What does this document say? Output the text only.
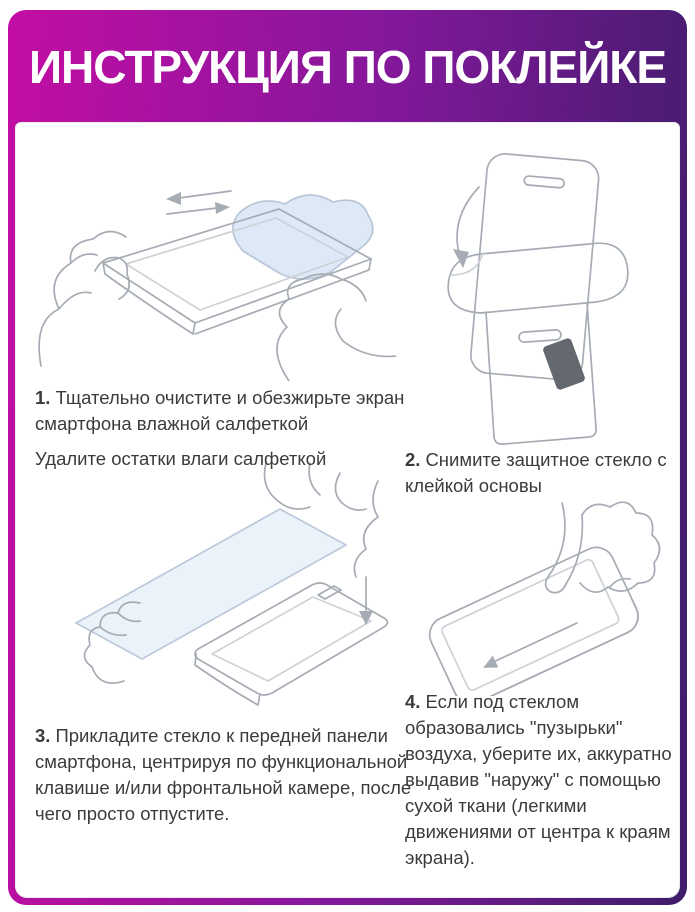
ИНСТРУКЦИЯ ПО ПОКЛЕЙКЕ

1. Тщательно очистите и обезжирьте экран смартфона влажной салфеткой

Удалите остатки влаги салфеткой	2. Снимите защитное стекло с клейкой основы

3. Прикладите стекло к передней панели смартфона, центрируя по функциональной клавише и/или фронтальной камере, после чего просто отпустите.

4. Если под стеклом образовались "пузырьки" воздуха, уберите их, аккуратно выдавив "наружу" с помощью сухой ткани (легкими движениями от центра к краям экрана).
